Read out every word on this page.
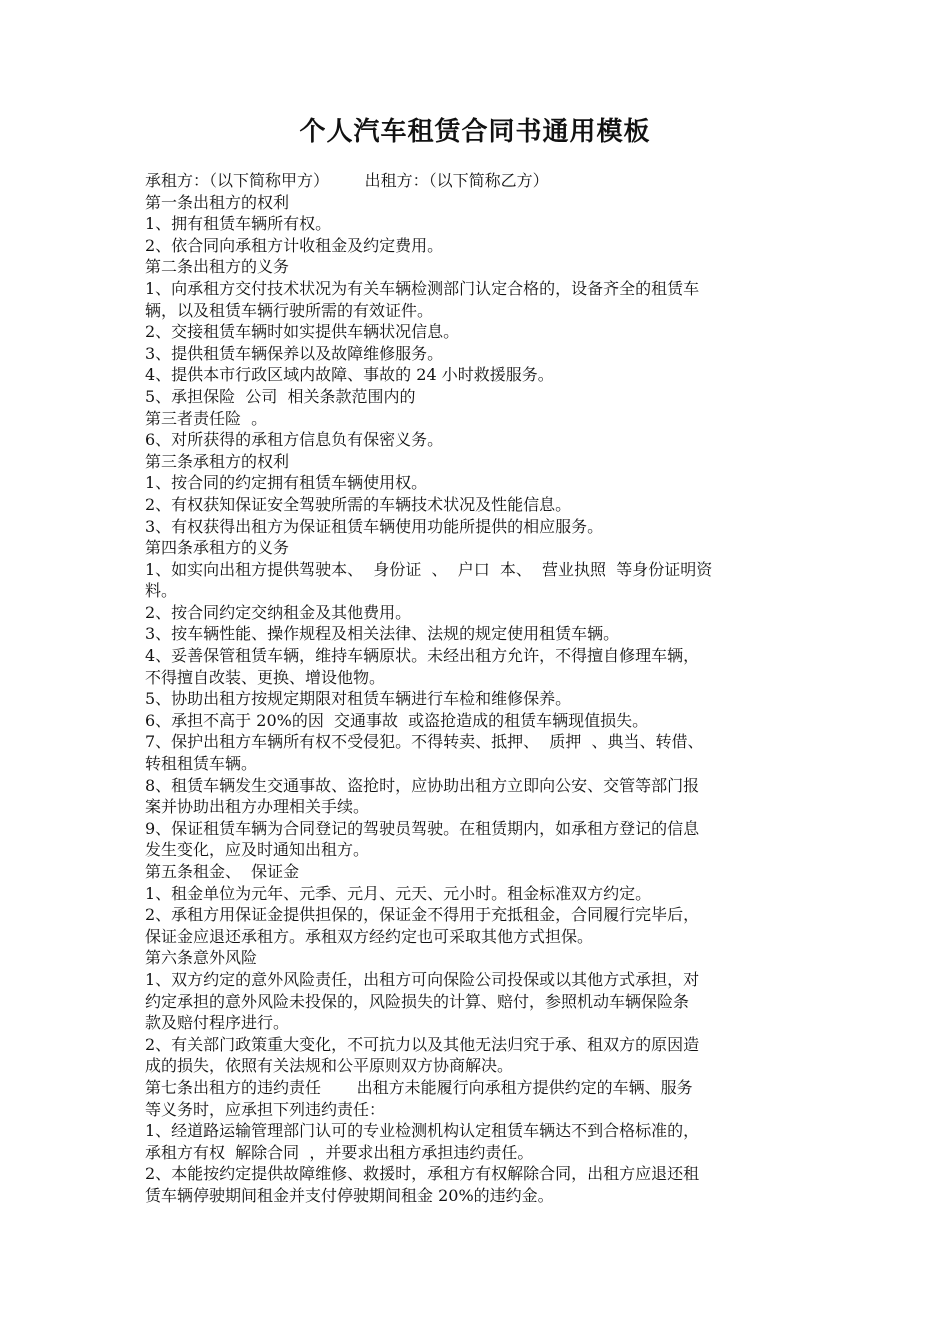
个人汽车租赁合同书通用模板
承租方：（以下简称甲方）       出租方：（以下简称乙方）
第一条出租方的权利
1、拥有租赁车辆所有权。
2、依合同向承租方计收租金及约定费用。
第二条出租方的义务
1、向承租方交付技术状况为有关车辆检测部门认定合格的，设备齐全的租赁车
辆，以及租赁车辆行驶所需的有效证件。
2、交接租赁车辆时如实提供车辆状况信息。
3、提供租赁车辆保养以及故障维修服务。
4、提供本市行政区域内故障、事故的 24 小时救援服务。
5、承担保险  公司  相关条款范围内的
第三者责任险  。
6、对所获得的承租方信息负有保密义务。
第三条承租方的权利
1、按合同的约定拥有租赁车辆使用权。
2、有权获知保证安全驾驶所需的车辆技术状况及性能信息。
3、有权获得出租方为保证租赁车辆使用功能所提供的相应服务。
第四条承租方的义务
1、如实向出租方提供驾驶本、  身份证  、  户口  本、  营业执照  等身份证明资
料。
2、按合同约定交纳租金及其他费用。
3、按车辆性能、操作规程及相关法律、法规的规定使用租赁车辆。
4、妥善保管租赁车辆，维持车辆原状。未经出租方允许，不得擅自修理车辆，
不得擅自改装、更换、增设他物。
5、协助出租方按规定期限对租赁车辆进行车检和维修保养。
6、承担不高于 20%的因  交通事故  或盗抢造成的租赁车辆现值损失。
7、保护出租方车辆所有权不受侵犯。不得转卖、抵押、  质押  、典当、转借、
转租租赁车辆。
8、租赁车辆发生交通事故、盗抢时，应协助出租方立即向公安、交管等部门报
案并协助出租方办理相关手续。
9、保证租赁车辆为合同登记的驾驶员驾驶。在租赁期内，如承租方登记的信息
发生变化，应及时通知出租方。
第五条租金、  保证金
1、租金单位为元年、元季、元月、元天、元小时。租金标准双方约定。
2、承租方用保证金提供担保的，保证金不得用于充抵租金，合同履行完毕后，
保证金应退还承租方。承租双方经约定也可采取其他方式担保。
第六条意外风险
1、双方约定的意外风险责任，出租方可向保险公司投保或以其他方式承担，对
约定承担的意外风险未投保的，风险损失的计算、赔付，参照机动车辆保险条
款及赔付程序进行。
2、有关部门政策重大变化，不可抗力以及其他无法归究于承、租双方的原因造
成的损失，依照有关法规和公平原则双方协商解决。
第七条出租方的违约责任       出租方未能履行向承租方提供约定的车辆、服务
等义务时，应承担下列违约责任：
1、经道路运输管理部门认可的专业检测机构认定租赁车辆达不到合格标准的，
承租方有权  解除合同  ，并要求出租方承担违约责任。
2、本能按约定提供故障维修、救援时，承租方有权解除合同，出租方应退还租
赁车辆停驶期间租金并支付停驶期间租金 20%的违约金。
